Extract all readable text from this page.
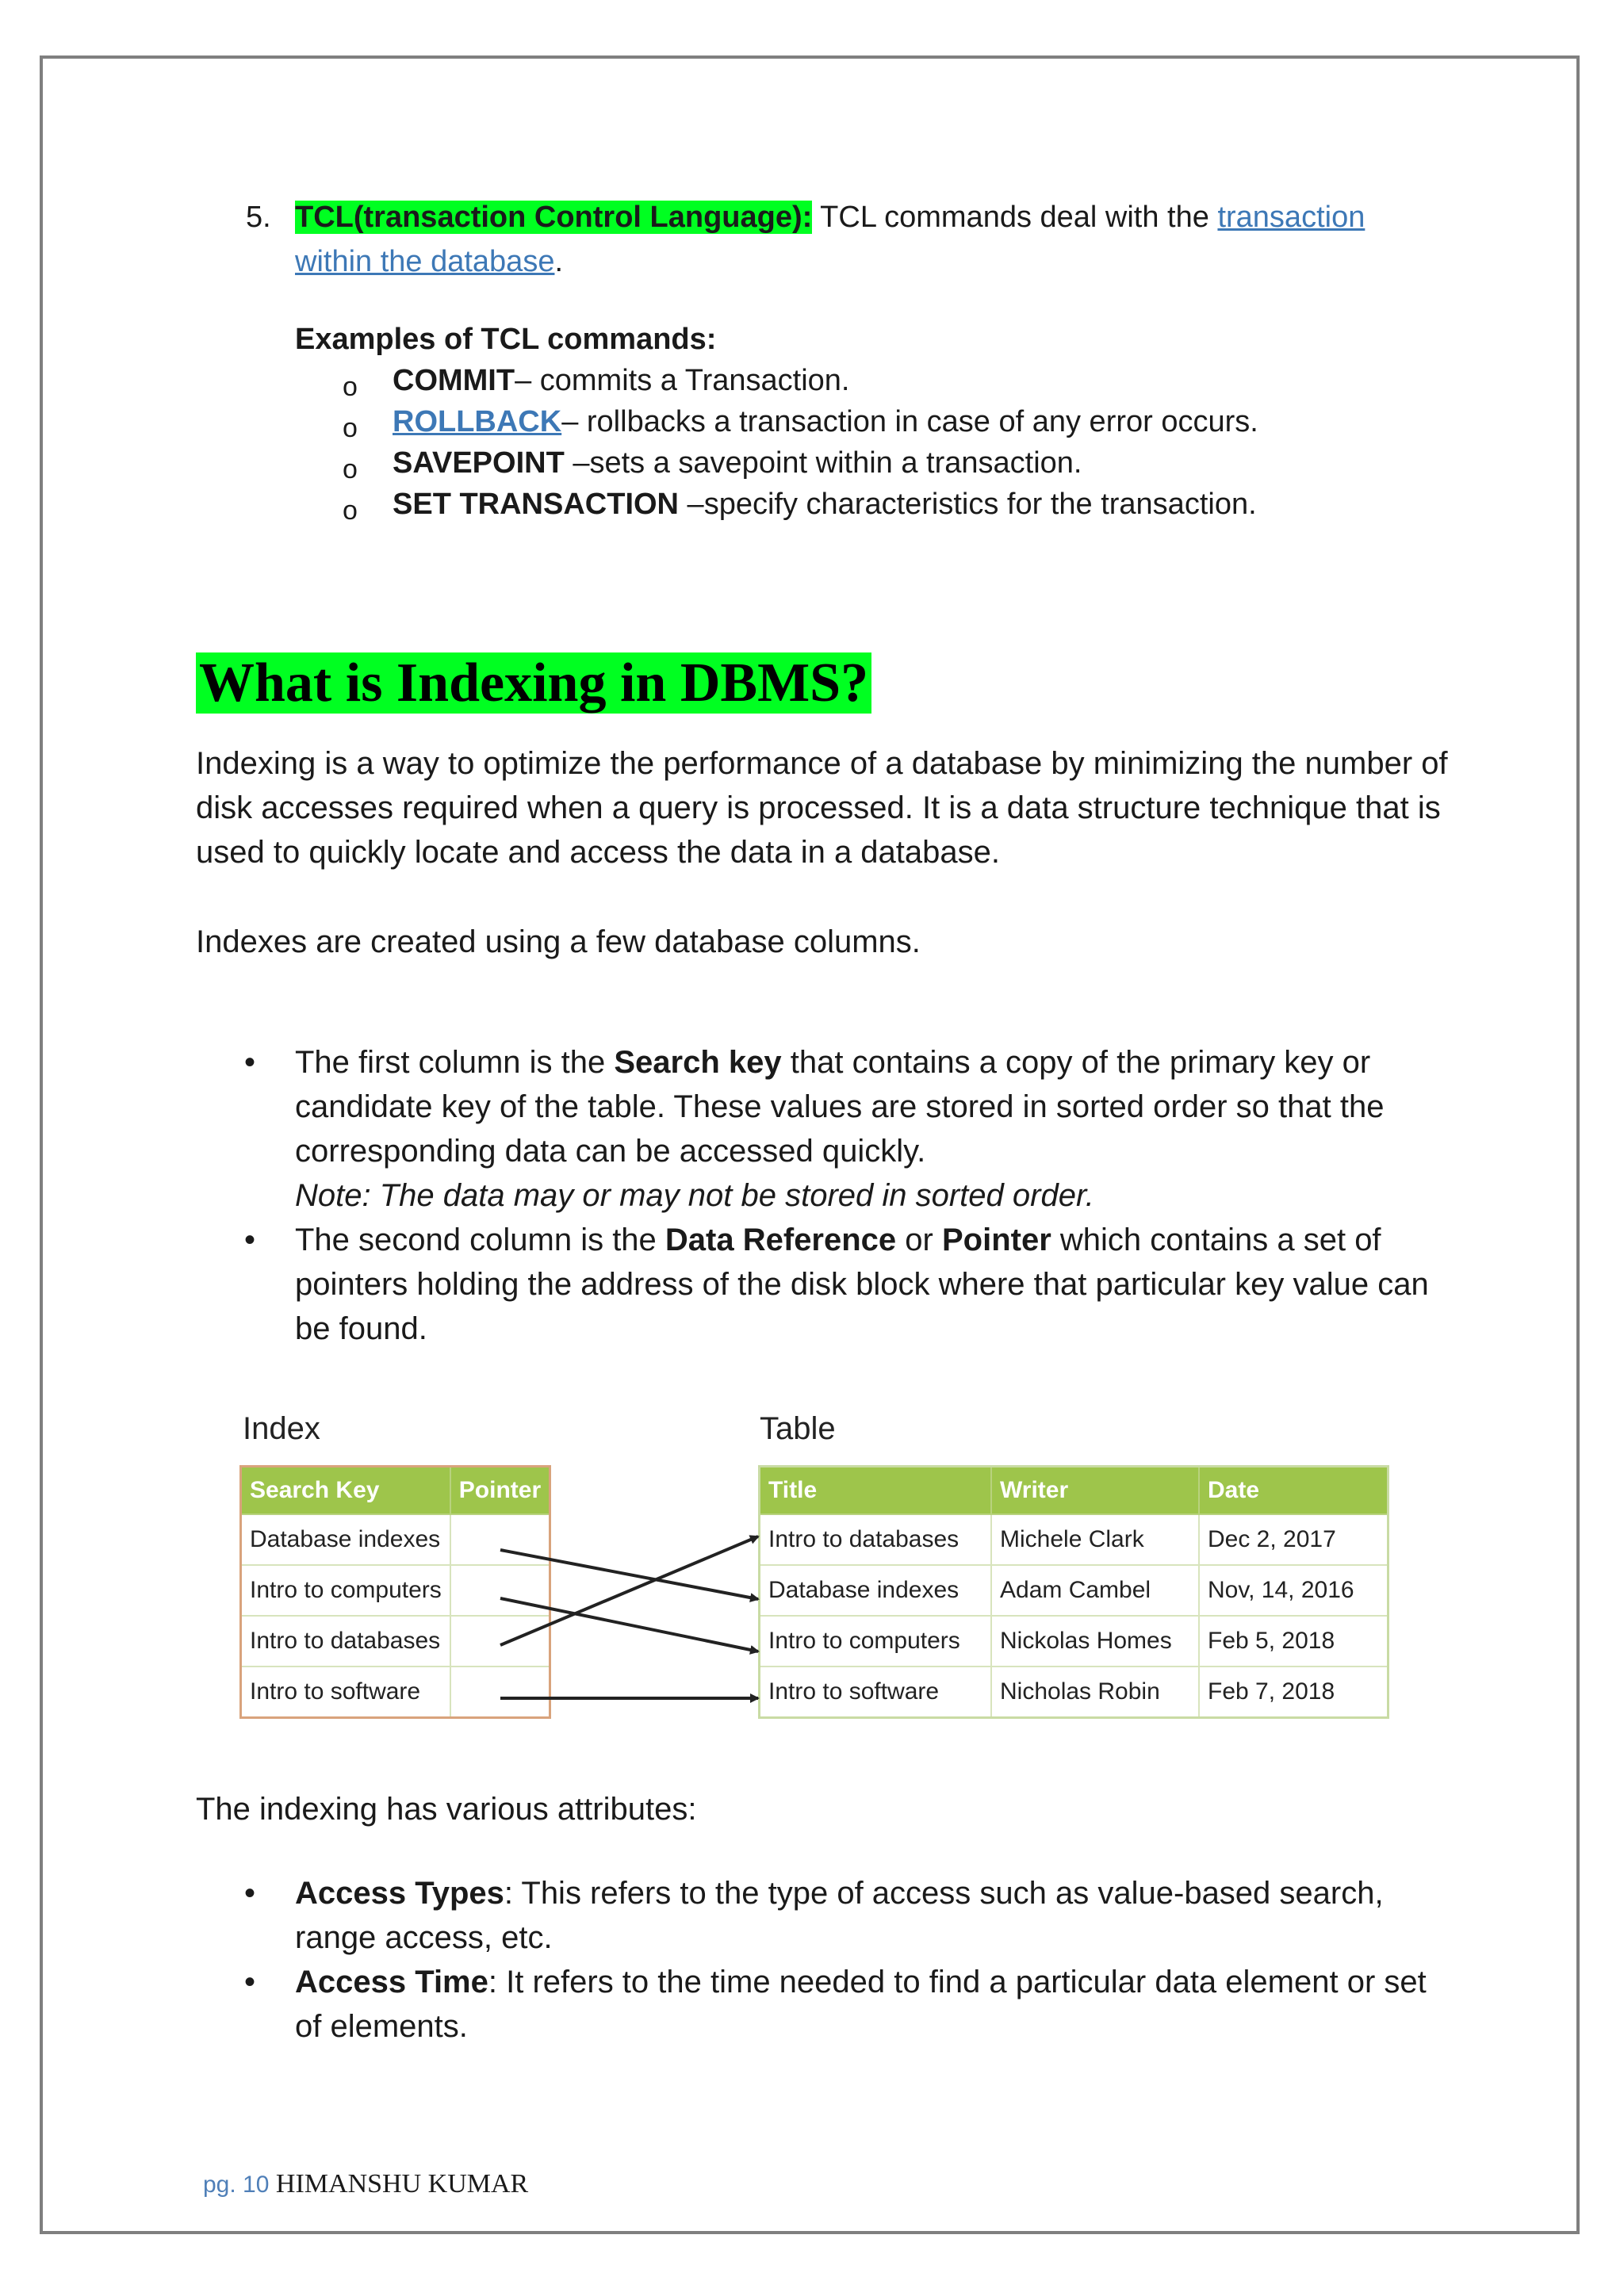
5. TCL(transaction Control Language): TCL commands deal with the transaction within the database.
Examples of TCL commands:
o COMMIT– commits a Transaction.
o ROLLBACK– rollbacks a transaction in case of any error occurs.
o SAVEPOINT –sets a savepoint within a transaction.
o SET TRANSACTION –specify characteristics for the transaction.
What is Indexing in DBMS?
Indexing is a way to optimize the performance of a database by minimizing the number of disk accesses required when a query is processed. It is a data structure technique that is used to quickly locate and access the data in a database.
Indexes are created using a few database columns.
• The first column is the Search key that contains a copy of the primary key or candidate key of the table. These values are stored in sorted order so that the corresponding data can be accessed quickly.
Note: The data may or may not be stored in sorted order.
• The second column is the Data Reference or Pointer which contains a set of pointers holding the address of the disk block where that particular key value can be found.
Index	Table
Search Key	Pointer
Database indexes	
Intro to computers	
Intro to databases	
Intro to software	
Title	Writer	Date
Intro to databases	Michele Clark	Dec 2, 2017
Database indexes	Adam Cambel	Nov, 14, 2016
Intro to computers	Nickolas Homes	Feb 5, 2018
Intro to software	Nicholas Robin	Feb 7, 2018
The indexing has various attributes:
• Access Types: This refers to the type of access such as value-based search, range access, etc.
• Access Time: It refers to the time needed to find a particular data element or set of elements.
pg. 10 HIMANSHU KUMAR
